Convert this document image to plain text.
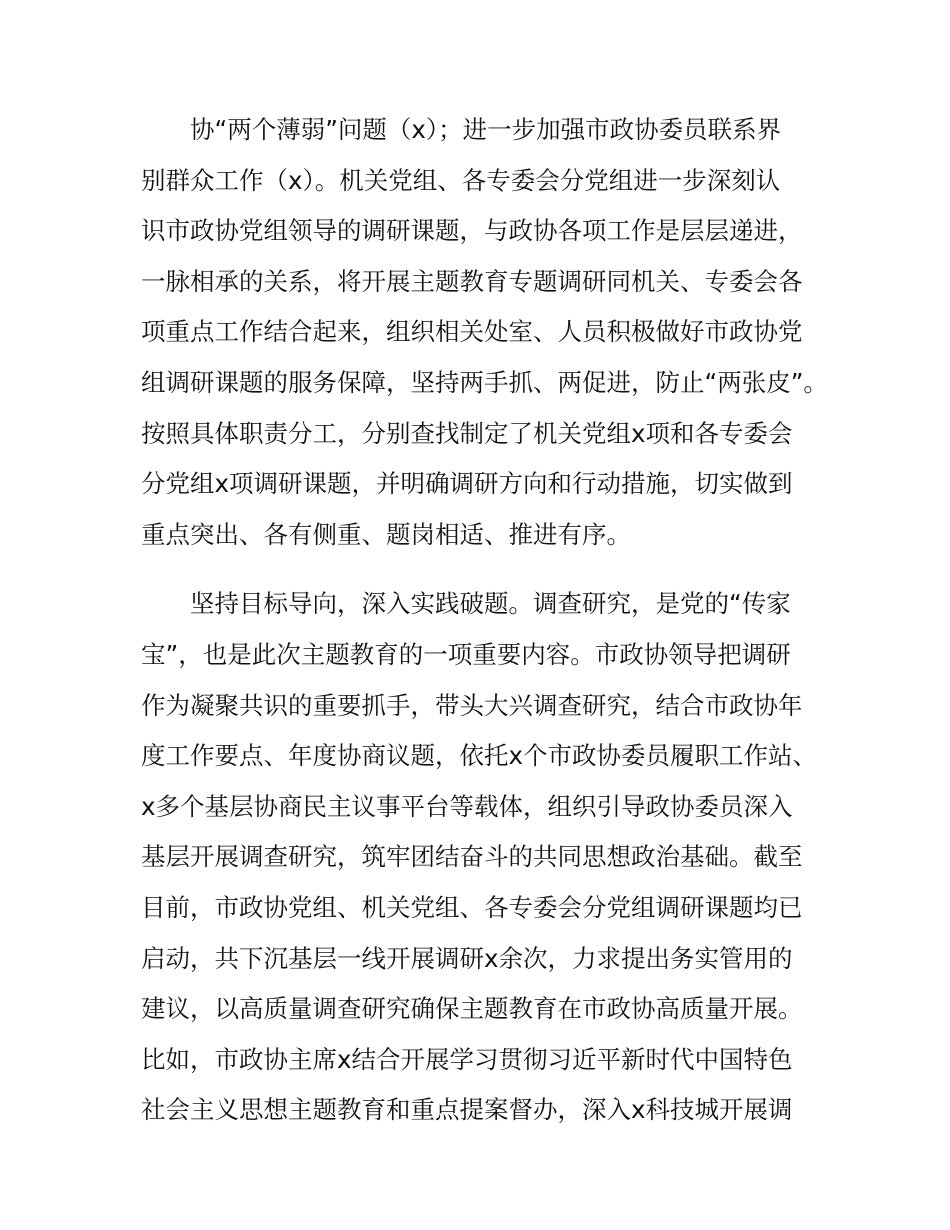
协“两个薄弱”问题（x）；进一步加强市政协委员联系界
别群众工作（x）。机关党组、各专委会分党组进一步深刻认
识市政协党组领导的调研课题，与政协各项工作是层层递进，
一脉相承的关系，将开展主题教育专题调研同机关、专委会各
项重点工作结合起来，组织相关处室、人员积极做好市政协党
组调研课题的服务保障，坚持两手抓、两促进，防止“两张皮”。
按照具体职责分工，分别查找制定了机关党组x项和各专委会
分党组x项调研课题，并明确调研方向和行动措施，切实做到
重点突出、各有侧重、题岗相适、推进有序。
坚持目标导向，深入实践破题。调查研究，是党的“传家
宝”，也是此次主题教育的一项重要内容。市政协领导把调研
作为凝聚共识的重要抓手，带头大兴调查研究，结合市政协年
度工作要点、年度协商议题，依托x个市政协委员履职工作站、
x多个基层协商民主议事平台等载体，组织引导政协委员深入
基层开展调查研究，筑牢团结奋斗的共同思想政治基础。截至
目前，市政协党组、机关党组、各专委会分党组调研课题均已
启动，共下沉基层一线开展调研x余次，力求提出务实管用的
建议，以高质量调查研究确保主题教育在市政协高质量开展。
比如，市政协主席x结合开展学习贯彻习近平新时代中国特色
社会主义思想主题教育和重点提案督办，深入x科技城开展调
